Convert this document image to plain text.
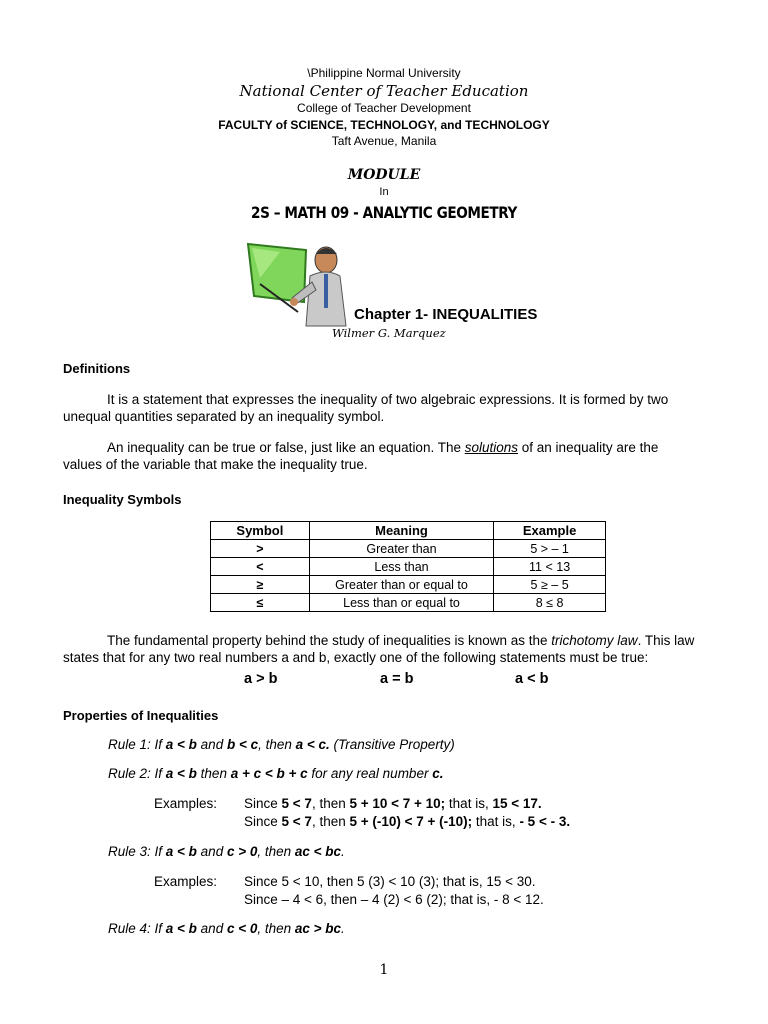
\Philippine Normal University
National Center of Teacher Education
College of Teacher Development
FACULTY of SCIENCE, TECHNOLOGY, and TECHNOLOGY
Taft Avenue, Manila
MODULE
In
2S – MATH 09 - ANALYTIC GEOMETRY
Chapter 1- INEQUALITIES
Wilmer G. Marquez
Definitions
It is a statement that expresses the inequality of two algebraic expressions. It is formed by two unequal quantities separated by an inequality symbol.
An inequality can be true or false, just like an equation. The solutions of an inequality are the values of the variable that make the inequality true.
Inequality Symbols
Symbol	Meaning	Example
>	Greater than	5 > – 1
<	Less than	11 < 13
≥	Greater than or equal to	5 ≥ – 5
≤	Less than or equal to	8 ≤ 8
The fundamental property behind the study of inequalities is known as the trichotomy law. This law states that for any two real numbers a and b, exactly one of the following statements must be true:
a > b	a = b	a < b
Properties of Inequalities
Rule 1: If a < b and b < c, then a < c. (Transitive Property)
Rule 2: If a < b then a + c < b + c for any real number c.
Examples: Since 5 < 7, then 5 + 10 < 7 + 10; that is, 15 < 17.
Since 5 < 7, then 5 + (-10) < 7 + (-10); that is, - 5 < - 3.
Rule 3: If a < b and c > 0, then ac < bc.
Examples: Since 5 < 10, then 5 (3) < 10 (3); that is, 15 < 30.
Since – 4 < 6, then – 4 (2) < 6 (2); that is, - 8 < 12.
Rule 4: If a < b and c < 0, then ac > bc.
1
